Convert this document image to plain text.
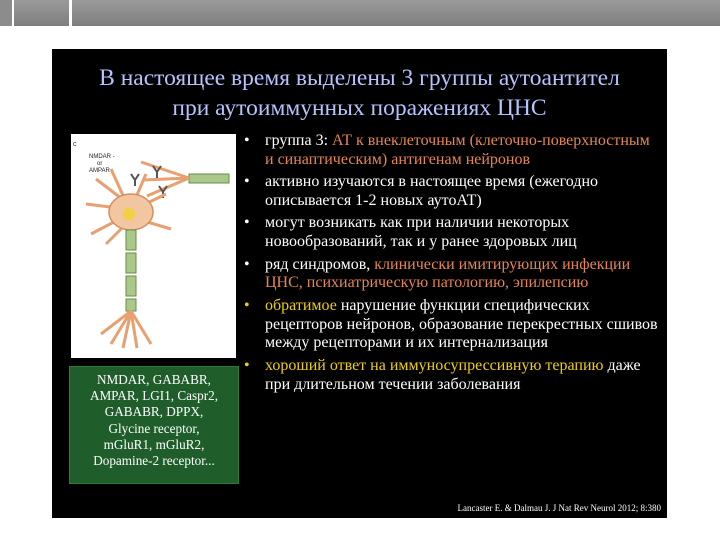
В настоящее время выделены 3 группы аутоантител
при аутоиммунных поражениях ЦНС
c
NMDAR -
or
AMPAR
NMDAR, GABABR,
AMPAR, LGI1, Caspr2,
GABABR, DPPX,
Glycine receptor,
mGluR1, mGluR2,
Dopamine-2 receptor...
• группа 3: АТ к внеклеточным (клеточно-поверхностным и синаптическим) антигенам нейронов
• активно изучаются в настоящее время (ежегодно описывается 1-2 новых аутоАТ)
• могут возникать как при наличии некоторых новообразований, так и у ранее здоровых лиц
• ряд синдромов, клинически имитирующих инфекции ЦНС, психиатрическую патологию, эпилепсию
• обратимое нарушение функции специфических рецепторов нейронов, образование перекрестных сшивов между рецепторами и их интернализация
• хороший ответ на иммуносупрессивную терапию даже при длительном течении заболевания
Lancaster E. & Dalmau J. J Nat Rev Neurol 2012; 8:380
